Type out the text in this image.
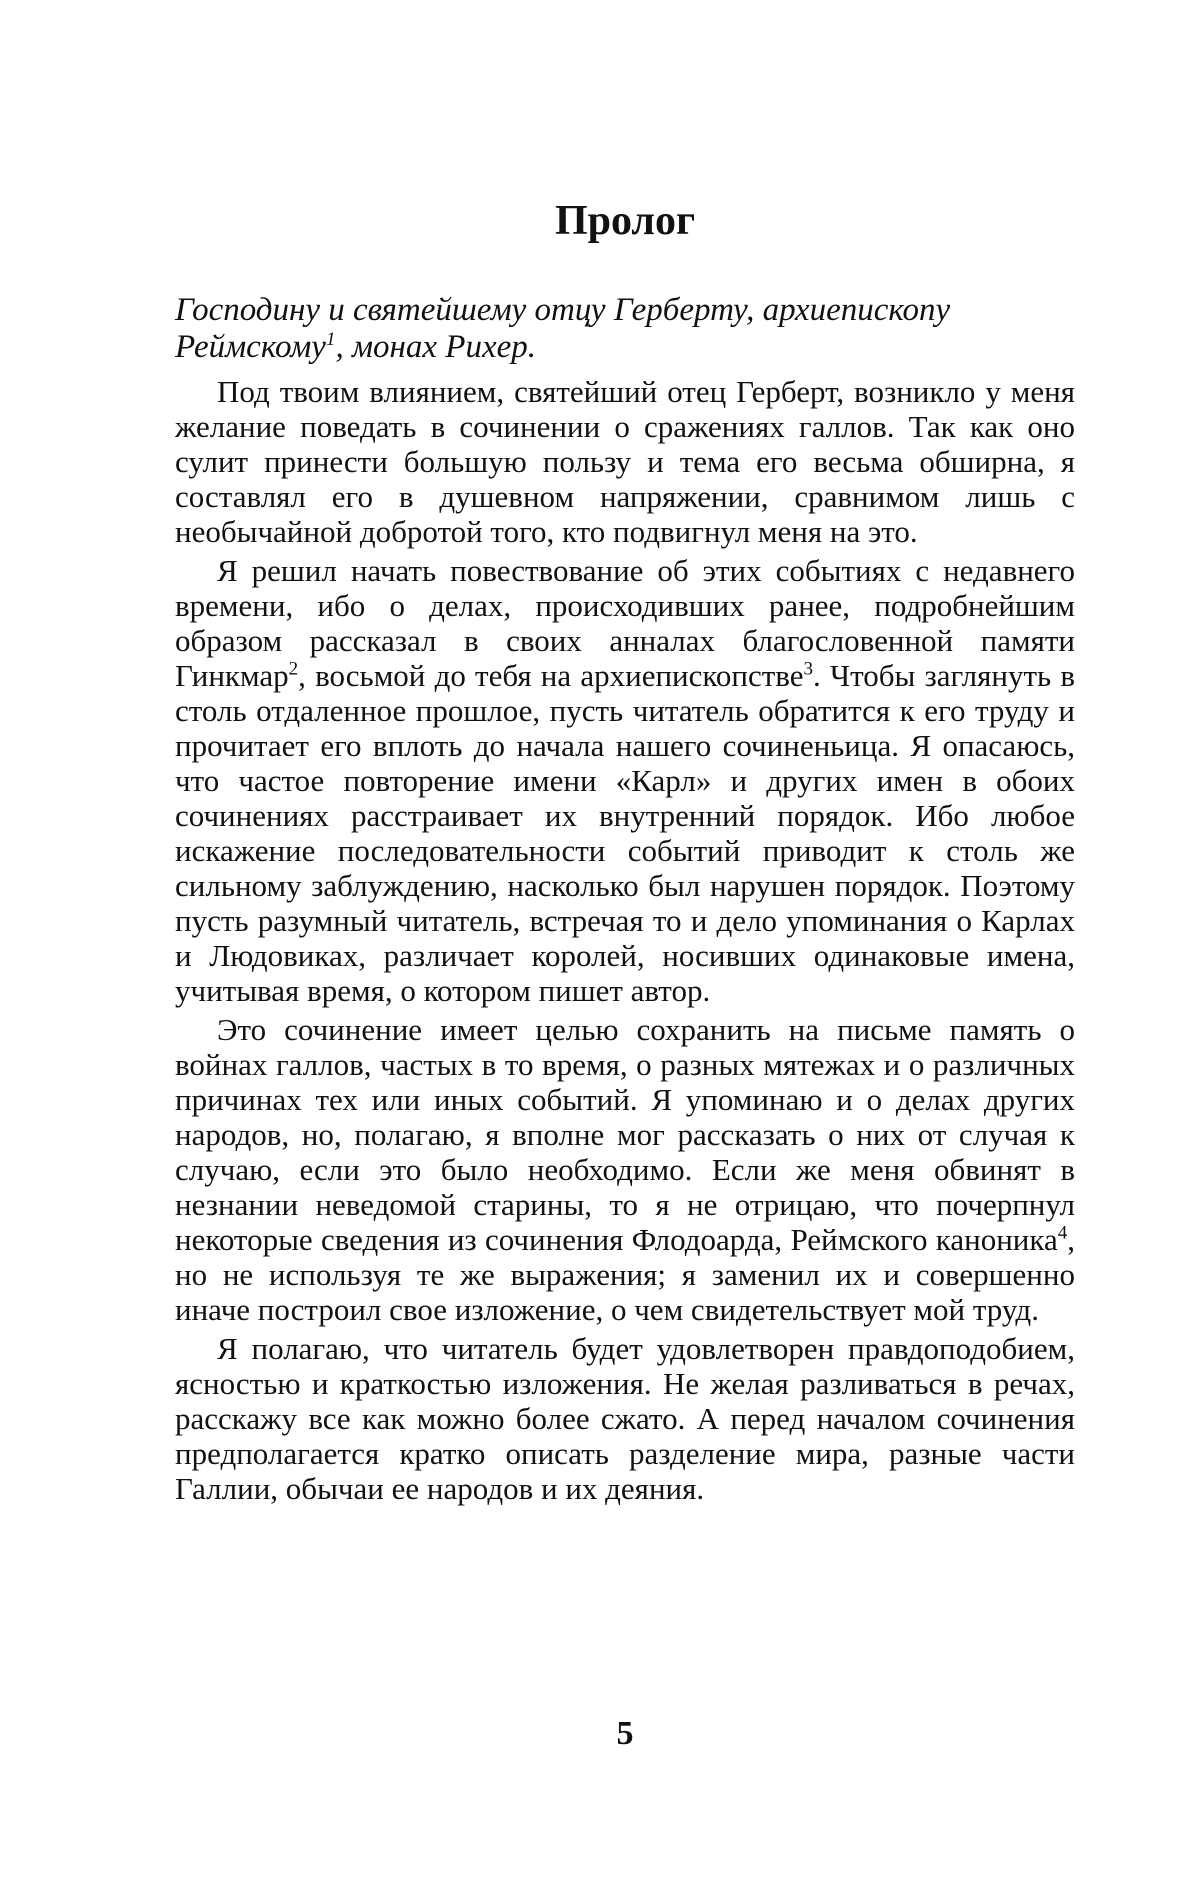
Пролог

Господину и святейшему отцу Герберту, архиепископу Реймскому$^1$, монах Рихер.

Под твоим влиянием, святейший отец Герберт, возникло у меня желание поведать в сочинении о сражениях галлов. Так как оно сулит принести большую пользу и тема его весьма обширна, я составлял его в душевном напряжении, сравнимом лишь с необычайной добротой того, кто подвигнул меня на это.

Я решил начать повествование об этих событиях с недавнего времени, ибо о делах, происходивших ранее, подробнейшим образом рассказал в своих анналах благословенной памяти Гинкмар$^2$, восьмой до тебя на архиепископстве$^3$. Чтобы заглянуть в столь отдаленное прошлое, пусть читатель обратится к его труду и прочитает его вплоть до начала нашего сочиненьица. Я опасаюсь, что частое повторение имени «Карл» и других имен в обоих сочинениях расстраивает их внутренний порядок. Ибо любое искажение последовательности событий приводит к столь же сильному заблуждению, насколько был нарушен порядок. Поэтому пусть разумный читатель, встречая то и дело упоминания о Карлах и Людовиках, различает королей, носивших одинаковые имена, учитывая время, о котором пишет автор.

Это сочинение имеет целью сохранить на письме память о войнах галлов, частых в то время, о разных мятежах и о различных причинах тех или иных событий. Я упоминаю и о делах других народов, но, полагаю, я вполне мог рассказать о них от случая к случаю, если это было необходимо. Если же меня обвинят в незнании неведомой старины, то я не отрицаю, что почерпнул некоторые сведения из сочинения Флодоарда, Реймского каноника$^4$, но не используя те же выражения; я заменил их и совершенно иначе построил свое изложение, о чем свидетельствует мой труд.

Я полагаю, что читатель будет удовлетворен правдоподобием, ясностью и краткостью изложения. Не желая разливаться в речах, расскажу все как можно более сжато. А перед началом сочинения предполагается кратко описать разделение мира, разные части Галлии, обычаи ее народов и их деяния.

5
